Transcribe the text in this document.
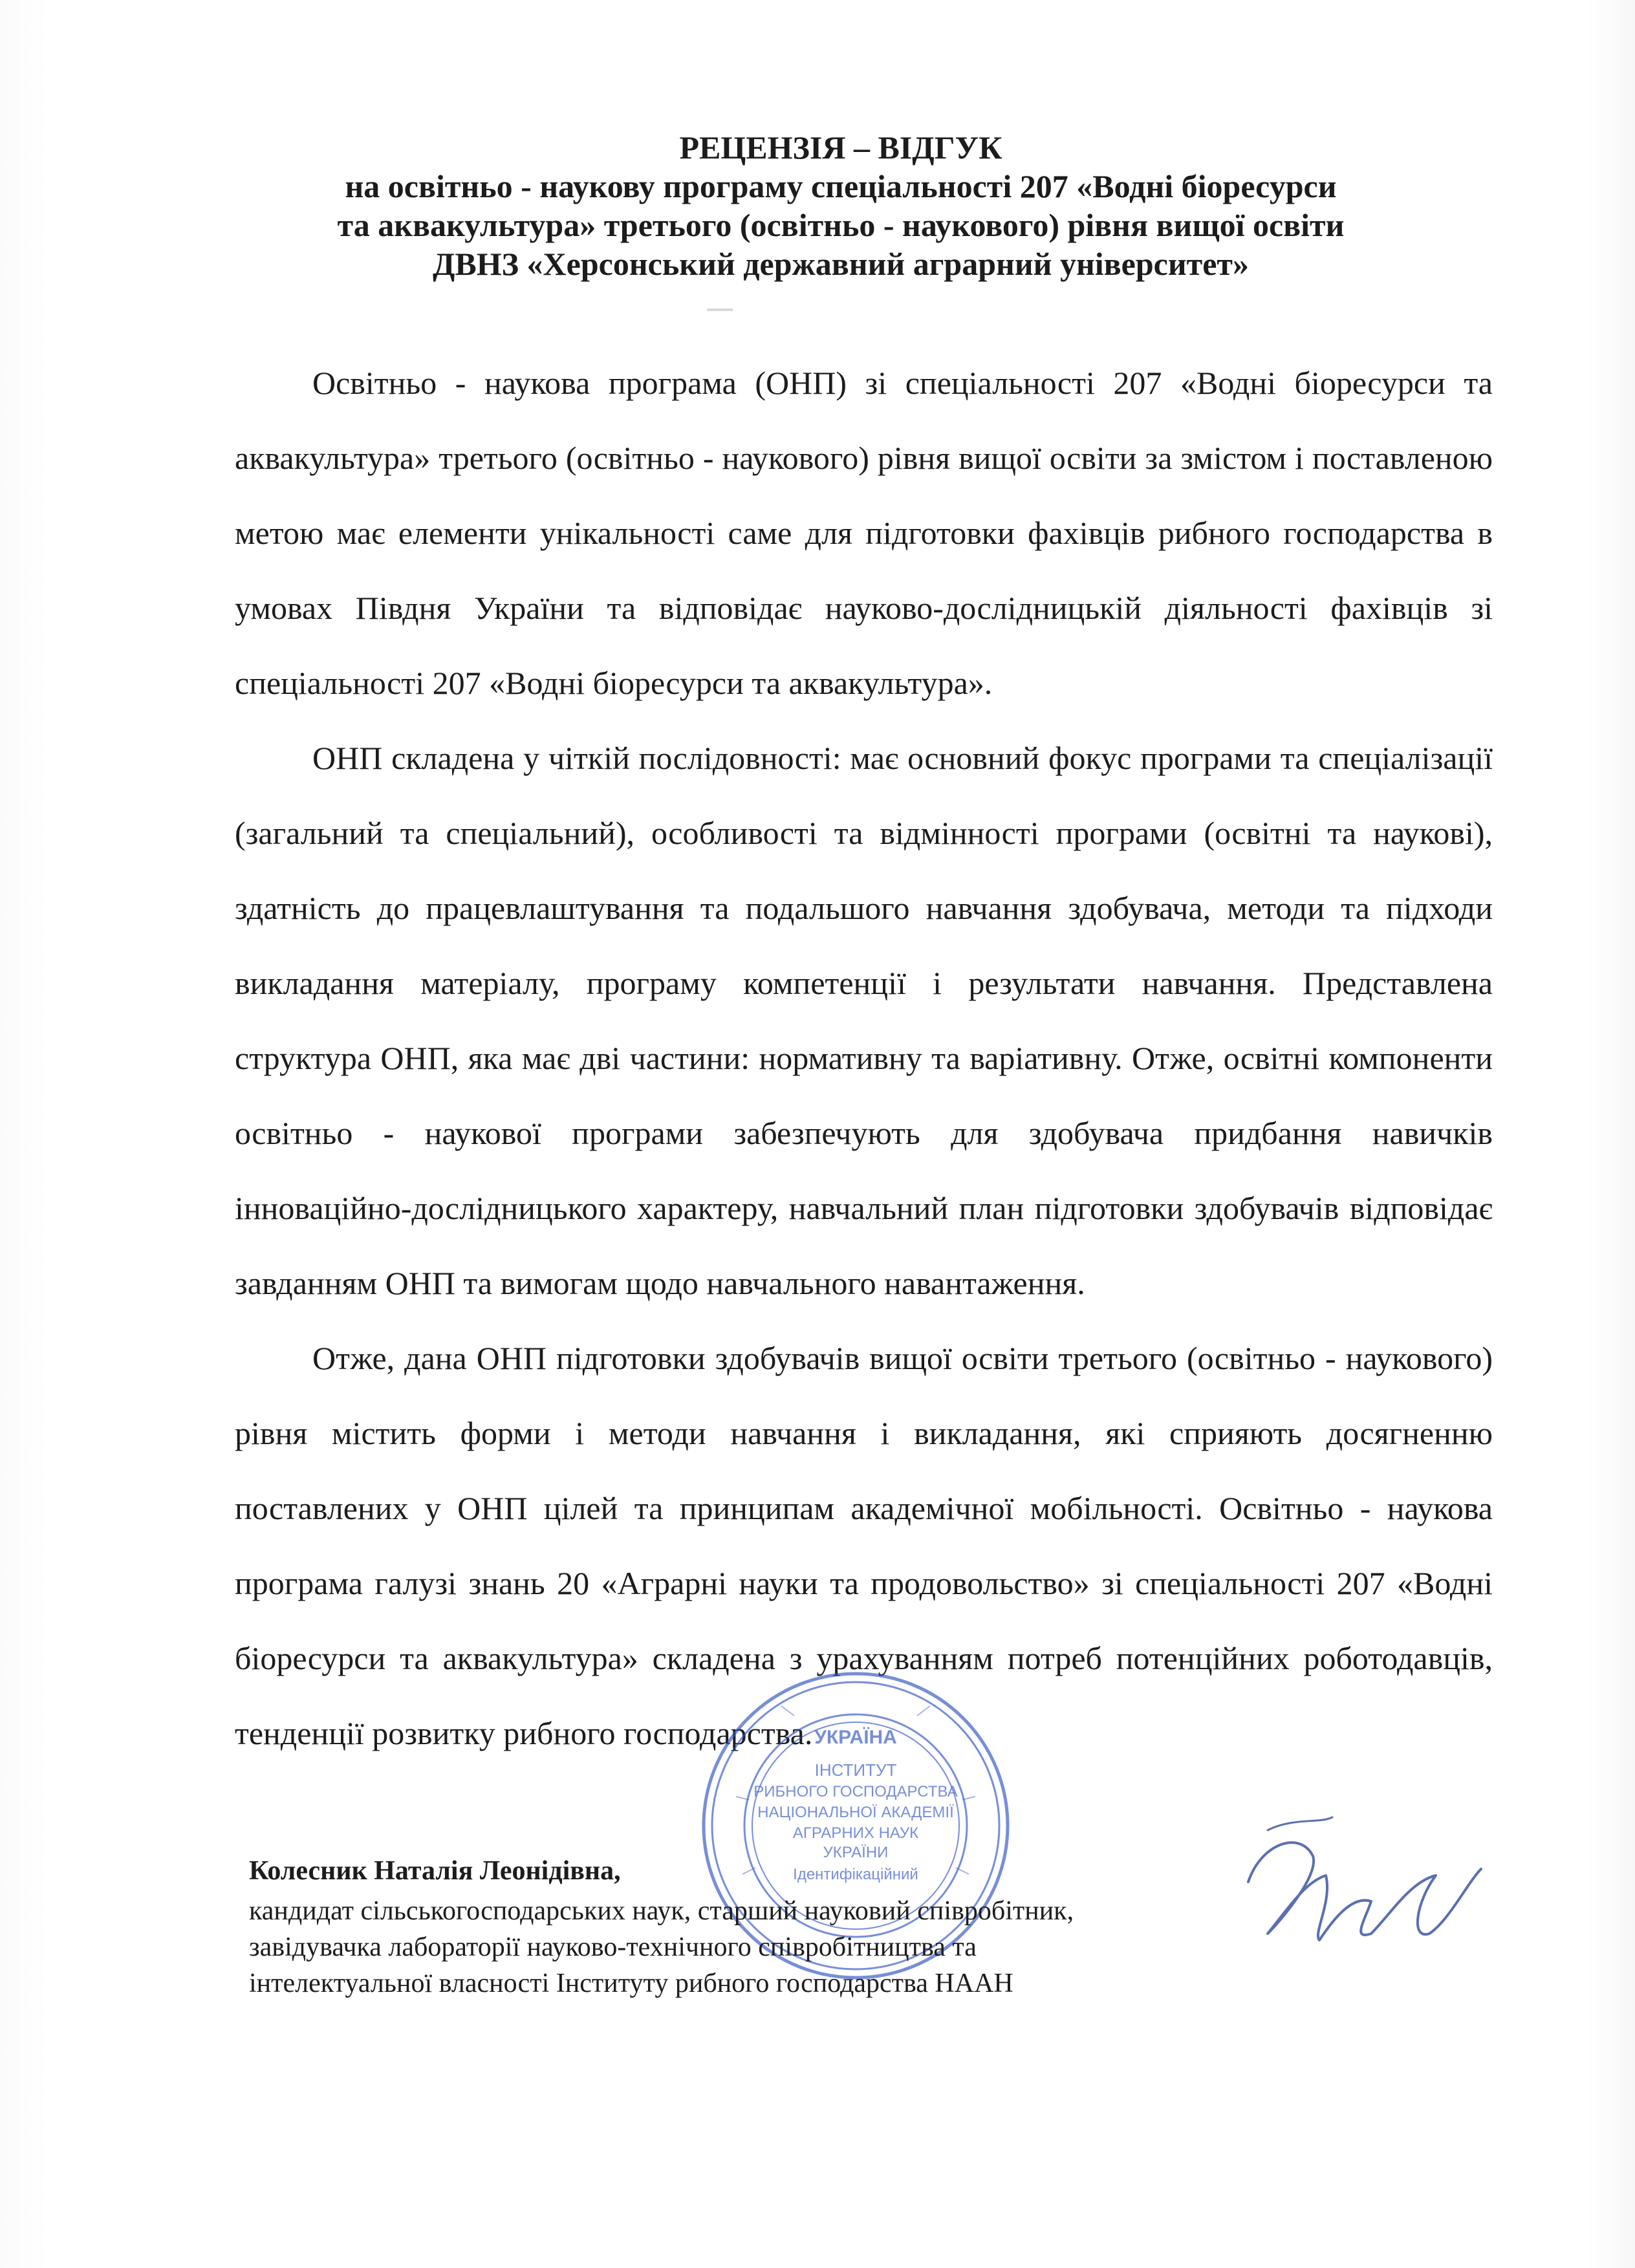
РЕЦЕНЗІЯ – ВІДГУК
на освітньо - наукову програму спеціальності 207 «Водні біоресурси
та аквакультура» третього (освітньо - наукового) рівня вищої освіти
ДВНЗ «Херсонський державний аграрний університет»

Освітньо - наукова програма (ОНП) зі спеціальності 207 «Водні біоресурси та аквакультура» третього (освітньо - наукового) рівня вищої освіти за змістом і поставленою метою має елементи унікальності саме для підготовки фахівців рибного господарства в умовах Півдня України та відповідає науково-дослідницькій діяльності фахівців зі спеціальності 207 «Водні біоресурси та аквакультура».

ОНП складена у чіткій послідовності: має основний фокус програми та спеціалізації (загальний та спеціальний), особливості та відмінності програми (освітні та наукові), здатність до працевлаштування та подальшого навчання здобувача, методи та підходи викладання матеріалу, програму компетенції і результати навчання. Представлена структура ОНП, яка має дві частини: нормативну та варіативну. Отже, освітні компоненти освітньо - наукової програми забезпечують для здобувача придбання навичків інноваційно-дослідницького характеру, навчальний план підготовки здобувачів відповідає завданням ОНП та вимогам щодо навчального навантаження.

Отже, дана ОНП підготовки здобувачів вищої освіти третього (освітньо - наукового) рівня містить форми і методи навчання і викладання, які сприяють досягненню поставлених у ОНП цілей та принципам академічної мобільності. Освітньо - наукова програма галузі знань 20 «Аграрні науки та продовольство» зі спеціальності 207 «Водні біоресурси та аквакультура» складена з урахуванням потреб потенційних роботодавців, тенденції розвитку рибного господарства. УКРАЇНА
ІНСТИТУТ
РИБНОГО ГОСПОДАРСТВА
НАЦІОНАЛЬНОЇ АКАДЕМІЇ
АГРАРНИХ НАУК
УКРАЇНИ
Ідентифікаційний
Колесник Наталія Леонідівна,
кандидат сільськогосподарських наук, старший науковий співробітник, завідувачка лабораторії науково-технічного співробітництва та інтелектуальної власності Інституту рибного господарства НААН
